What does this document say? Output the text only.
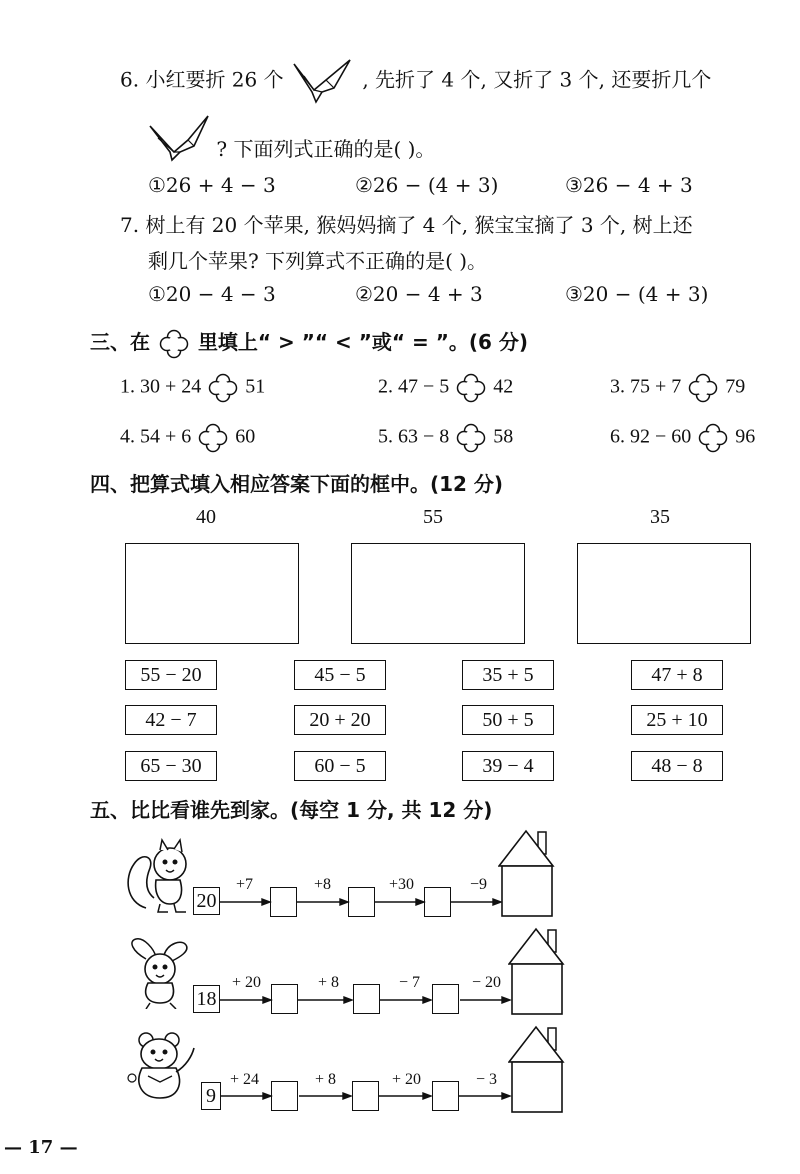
6. 小红要折 26 个	, 先折了 4 个, 又折了 3 个, 还要折几个
? 下面列式正确的是( )。
①26 + 4 − 3	②26 − (4 + 3)	③26 − 4 + 3
7. 树上有 20 个苹果, 猴妈妈摘了 4 个, 猴宝宝摘了 3 个, 树上还
剩几个苹果? 下列算式不正确的是( )。
①20 − 4 − 3	②20 − 4 + 3	③20 − (4 + 3)
三、在 里填上“ > ”“ < ”或“ = ”。(6 分)
1. 30 + 24 51	2. 47 − 5 42	3. 75 + 7 79
4. 54 + 6 60	5. 63 − 8 58	6. 92 − 60 96
四、把算式填入相应答案下面的框中。(12 分)
40	55	35
55 − 20	45 − 5	35 + 5	47 + 8
42 − 7	20 + 20	50 + 5	25 + 10
65 − 30	60 − 5	39 − 4	48 − 8
五、比比看谁先到家。(每空 1 分, 共 12 分)
20
+7	+8	+30	−9
18
+ 20	+ 8	− 7	− 20
9
+ 24	+ 8	+ 20	− 3
— 17 —
